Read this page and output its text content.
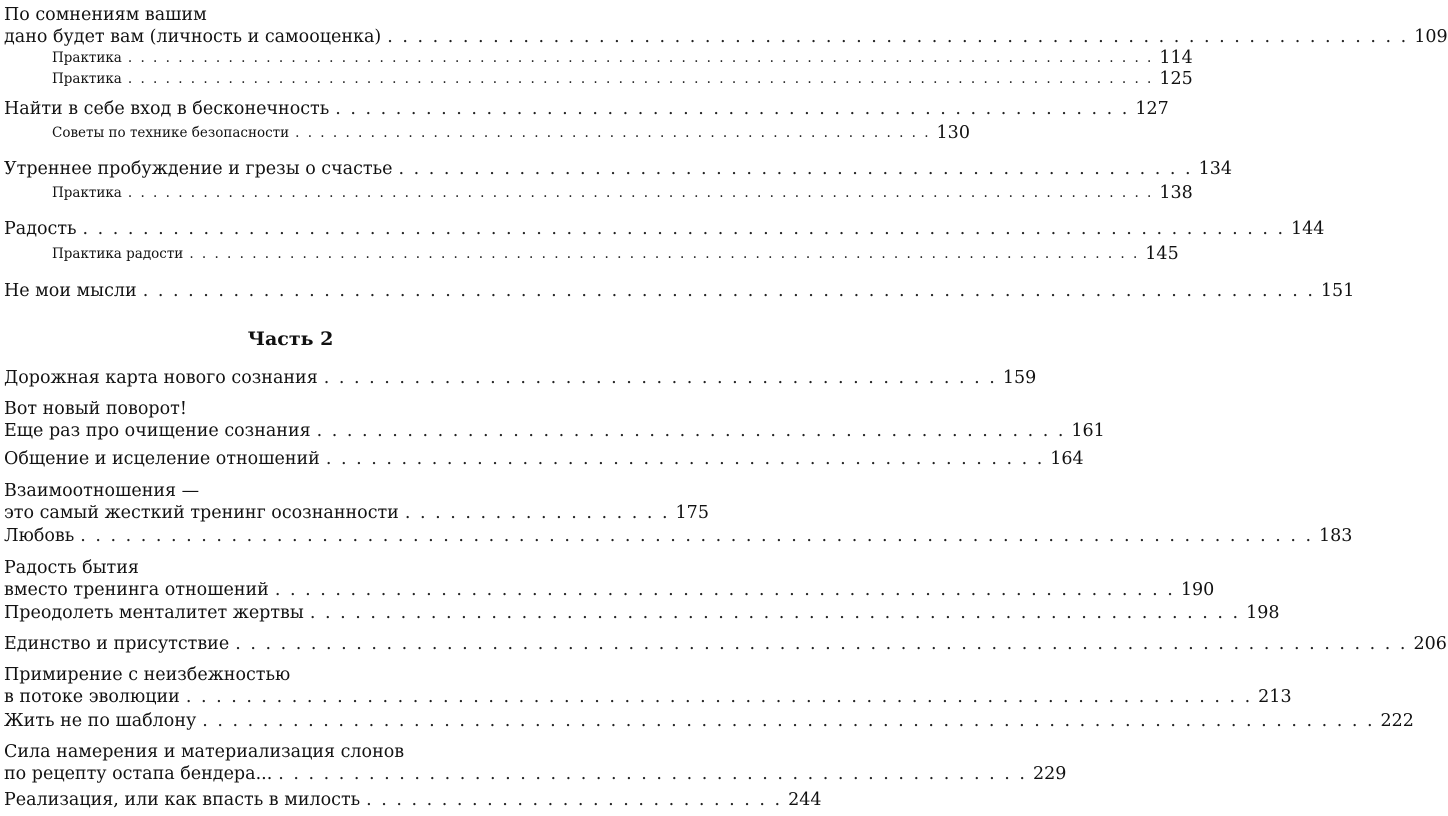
По сомнениям вашим
дано будет вам (личность и самооценка) . . . . . . . . . . . . . . . . . . . . . . . . . . . . . . . . . . . . . . . . . . . . . . . . . . . . . . . . . . . . . . . . . . . . 109
Практика . . . . . . . . . . . . . . . . . . . . . . . . . . . . . . . . . . . . . . . . . . . . . . . . . . . . . . . . . . . . . . . . . . . . . . . . . . . . . . . . . . 114
Практика . . . . . . . . . . . . . . . . . . . . . . . . . . . . . . . . . . . . . . . . . . . . . . . . . . . . . . . . . . . . . . . . . . . . . . . . . . . . . . . . . . 125
Найти в себе вход в бесконечность . . . . . . . . . . . . . . . . . . . . . . . . . . . . . . . . . . . . . . . . . . . . . . . . . . . . . 127
Советы по технике безопасности . . . . . . . . . . . . . . . . . . . . . . . . . . . . . . . . . . . . . . . . . . . . . . . . . . . 130
Утреннее пробуждение и грезы о счастье . . . . . . . . . . . . . . . . . . . . . . . . . . . . . . . . . . . . . . . . . . . . . . . . . . . . . 134
Практика . . . . . . . . . . . . . . . . . . . . . . . . . . . . . . . . . . . . . . . . . . . . . . . . . . . . . . . . . . . . . . . . . . . . . . . . . . . . . . . . . . 138
Радость . . . . . . . . . . . . . . . . . . . . . . . . . . . . . . . . . . . . . . . . . . . . . . . . . . . . . . . . . . . . . . . . . . . . . . . . . . . . . . . . 144
Практика радости . . . . . . . . . . . . . . . . . . . . . . . . . . . . . . . . . . . . . . . . . . . . . . . . . . . . . . . . . . . . . . . . . . . . . . . . . . . . 145
Не мои мысли . . . . . . . . . . . . . . . . . . . . . . . . . . . . . . . . . . . . . . . . . . . . . . . . . . . . . . . . . . . . . . . . . . . . . . . . . . . . . . 151
Часть 2
Дорожная карта нового сознания . . . . . . . . . . . . . . . . . . . . . . . . . . . . . . . . . . . . . . . . . . . . . 159
Вот новый поворот!
Еще раз про очищение сознания . . . . . . . . . . . . . . . . . . . . . . . . . . . . . . . . . . . . . . . . . . . . . . . . . . 161
Общение и исцеление отношений . . . . . . . . . . . . . . . . . . . . . . . . . . . . . . . . . . . . . . . . . . . . . . . . 164
Взаимоотношения —
это самый жесткий тренинг осознанности . . . . . . . . . . . . . . . . . . 175
Любовь . . . . . . . . . . . . . . . . . . . . . . . . . . . . . . . . . . . . . . . . . . . . . . . . . . . . . . . . . . . . . . . . . . . . . . . . . . . . . . . . . . 183
Радость бытия
вместо тренинга отношений . . . . . . . . . . . . . . . . . . . . . . . . . . . . . . . . . . . . . . . . . . . . . . . . . . . . . . . . . . . . 190
Преодолеть менталитет жертвы . . . . . . . . . . . . . . . . . . . . . . . . . . . . . . . . . . . . . . . . . . . . . . . . . . . . . . . . . . . . . . 198
Единство и присутствие . . . . . . . . . . . . . . . . . . . . . . . . . . . . . . . . . . . . . . . . . . . . . . . . . . . . . . . . . . . . . . . . . . . . . . . . . . . . . . 206
Примирение с неизбежностью
в потоке эволюции . . . . . . . . . . . . . . . . . . . . . . . . . . . . . . . . . . . . . . . . . . . . . . . . . . . . . . . . . . . . . . . . . . . . . . . 213
Жить не по шаблону . . . . . . . . . . . . . . . . . . . . . . . . . . . . . . . . . . . . . . . . . . . . . . . . . . . . . . . . . . . . . . . . . . . . . . . . . . . . . . 222
Сила намерения и материализация слонов
по рецепту остапа бендера... . . . . . . . . . . . . . . . . . . . . . . . . . . . . . . . . . . . . . . . . . . . . . . . . . . 229
Реализация, или как впасть в милость . . . . . . . . . . . . . . . . . . . . . . . . . . . . 244
